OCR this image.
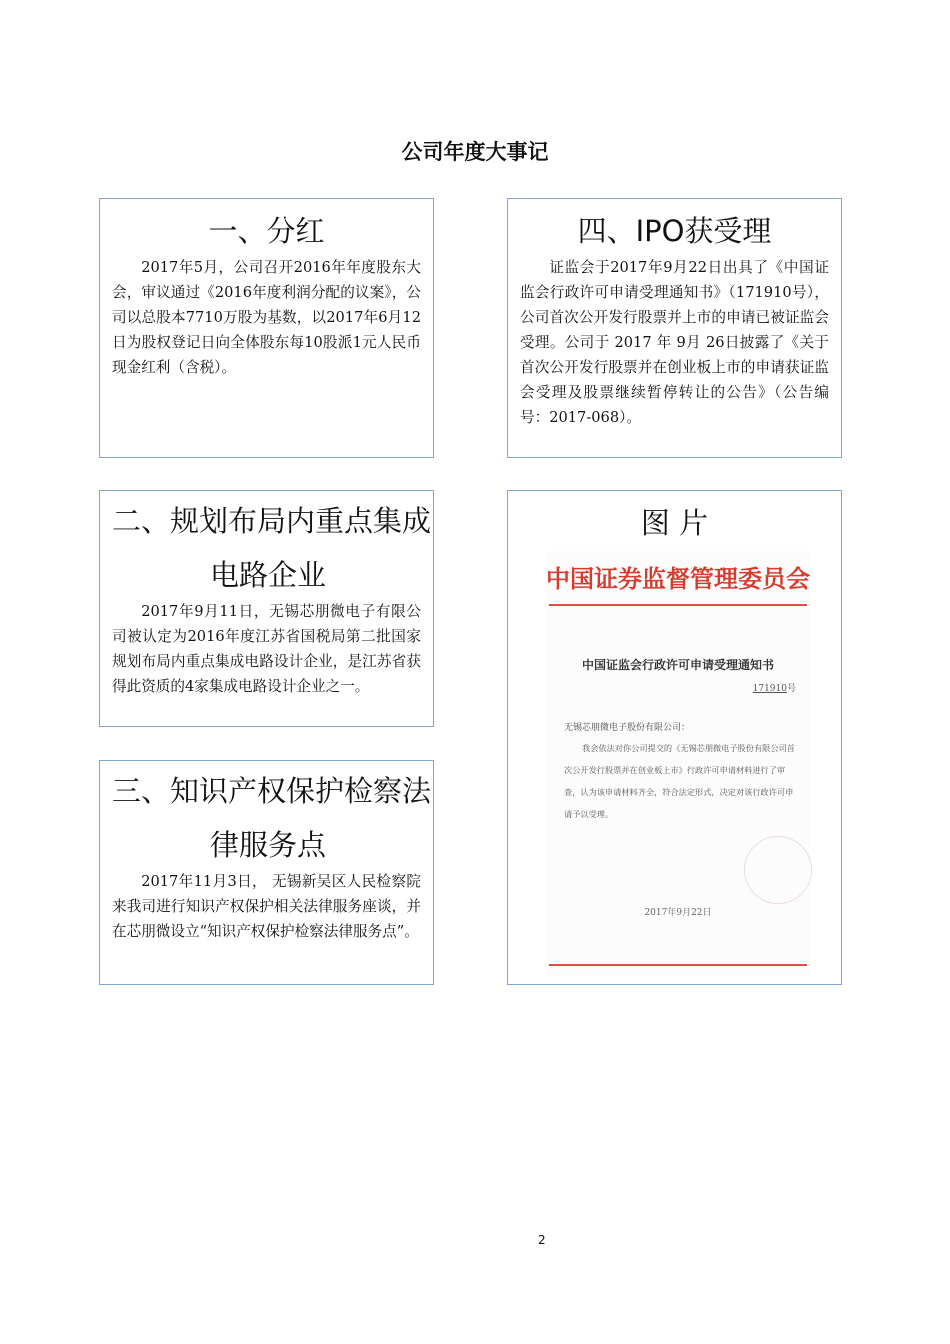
公司年度大事记
一、分红

2017年5月，公司召开2016年年度股东大会，审议通过《2016年度利润分配的议案》，公司以总股本7710万股为基数，以2017年6月12日为股权登记日向全体股东每10股派1元人民币现金红利（含税）。

二、规划布局内重点集成
电路企业

2017年9月11日，无锡芯朋微电子有限公司被认定为2016年度江苏省国税局第二批国家规划布局内重点集成电路设计企业，是江苏省获得此资质的4家集成电路设计企业之一。

三、知识产权保护检察法
律服务点

2017年11月3日， 无锡新吴区人民检察院来我司进行知识产权保护相关法律服务座谈，并在芯朋微设立“知识产权保护检察法律服务点”。

四、IPO获受理

证监会于2017年9月22日出具了《中国证监会行政许可申请受理通知书》（171910号），公司首次公开发行股票并上市的申请已被证监会受理。公司于 2017 年 9月 26日披露了《关于首次公开发行股票并在创业板上市的申请获证监会受理及股票继续暂停转让的公告》（公告编号：2017-068）。

图 片
中国证券监督管理委员会
中国证监会行政许可申请受理通知书
171910号
无锡芯朋微电子股份有限公司：
我会依法对你公司提交的《无锡芯朋微电子股份有限公司首次公开发行股票并在创业板上市》行政许可申请材料进行了审查，认为该申请材料齐全，符合法定形式，决定对该行政许可申请予以受理。
2017年9月22日
2
